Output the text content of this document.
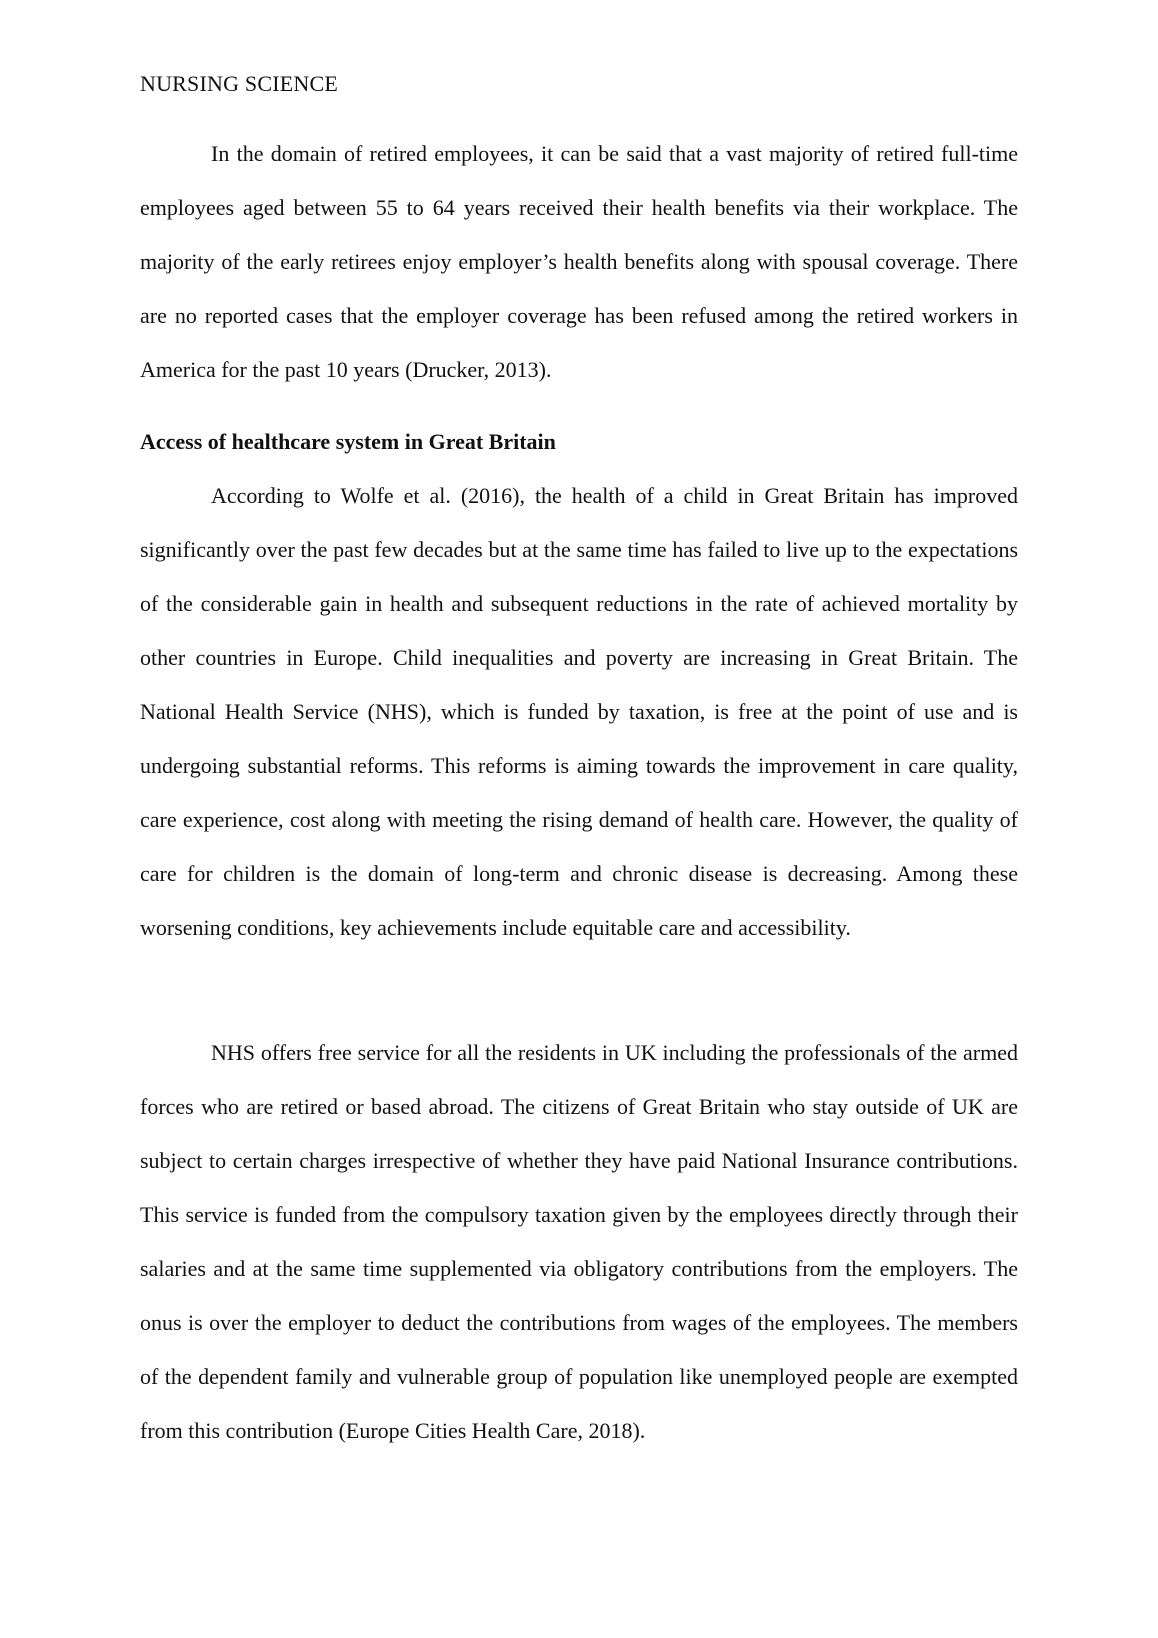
NURSING SCIENCE

In the domain of retired employees, it can be said that a vast majority of retired full-time employees aged between 55 to 64 years received their health benefits via their workplace. The majority of the early retirees enjoy employer’s health benefits along with spousal coverage. There are no reported cases that the employer coverage has been refused among the retired workers in America for the past 10 years (Drucker, 2013).

Access of healthcare system in Great Britain

According to Wolfe et al. (2016), the health of a child in Great Britain has improved significantly over the past few decades but at the same time has failed to live up to the expectations of the considerable gain in health and subsequent reductions in the rate of achieved mortality by other countries in Europe. Child inequalities and poverty are increasing in Great Britain. The National Health Service (NHS), which is funded by taxation, is free at the point of use and is undergoing substantial reforms. This reforms is aiming towards the improvement in care quality, care experience, cost along with meeting the rising demand of health care. However, the quality of care for children is the domain of long-term and chronic disease is decreasing. Among these worsening conditions, key achievements include equitable care and accessibility.

NHS offers free service for all the residents in UK including the professionals of the armed forces who are retired or based abroad. The citizens of Great Britain who stay outside of UK are subject to certain charges irrespective of whether they have paid National Insurance contributions. This service is funded from the compulsory taxation given by the employees directly through their salaries and at the same time supplemented via obligatory contributions from the employers. The onus is over the employer to deduct the contributions from wages of the employees. The members of the dependent family and vulnerable group of population like unemployed people are exempted from this contribution (Europe Cities Health Care, 2018).
